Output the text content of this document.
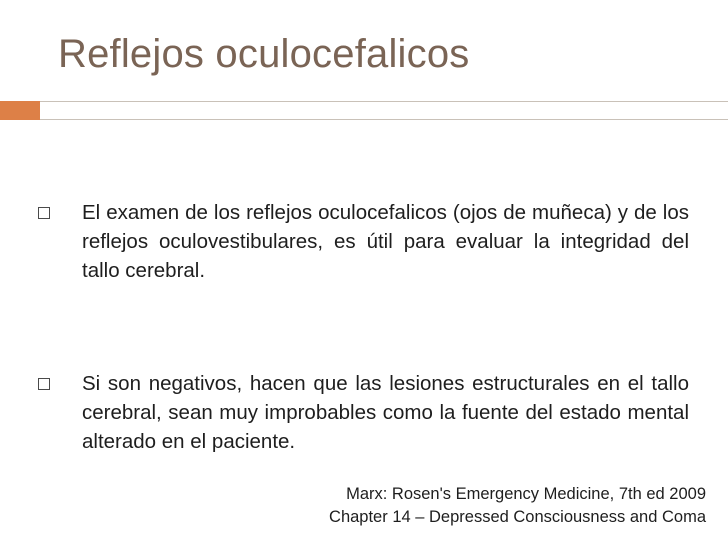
Reflejos oculocefalicos
El examen de los reflejos oculocefalicos (ojos de muñeca) y de los reflejos oculovestibulares, es útil para evaluar la integridad del tallo cerebral.
Si son negativos, hacen que las lesiones estructurales en el tallo cerebral, sean muy improbables como la fuente del estado mental alterado en el paciente.
Marx: Rosen's Emergency Medicine, 7th ed 2009
Chapter 14 – Depressed Consciousness and Coma
